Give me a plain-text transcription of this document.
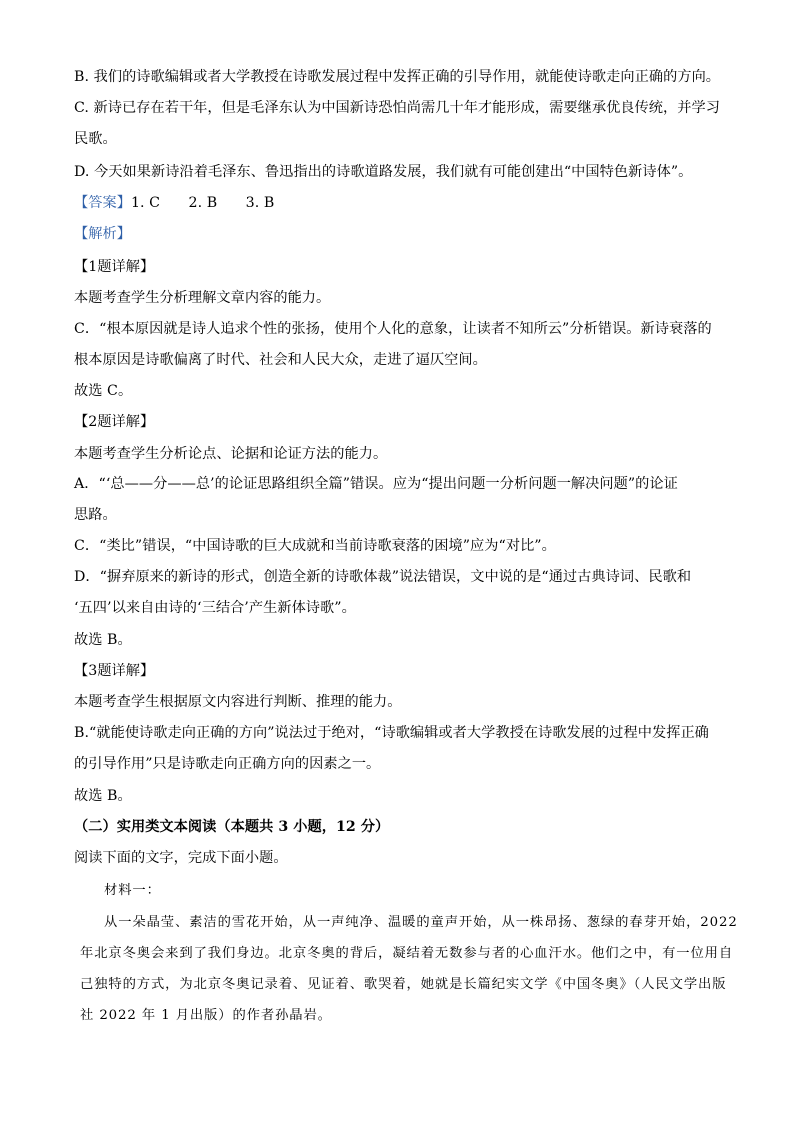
B. 我们的诗歌编辑或者大学教授在诗歌发展过程中发挥正确的引导作用，就能使诗歌走向正确的方向。
C. 新诗已存在若干年，但是毛泽东认为中国新诗恐怕尚需几十年才能形成，需要继承优良传统，并学习
民歌。
D. 今天如果新诗沿着毛泽东、鲁迅指出的诗歌道路发展，我们就有可能创建出“中国特色新诗体”。
【答案】1. C　　2. B　　3. B
【解析】
【1题详解】
本题考查学生分析理解文章内容的能力。
C．“根本原因就是诗人追求个性的张扬，使用个人化的意象，让读者不知所云”分析错误。新诗衰落的
根本原因是诗歌偏离了时代、社会和人民大众，走进了逼仄空间。
故选 C。
【2题详解】
本题考查学生分析论点、论据和论证方法的能力。
A．“‘总——分——总’的论证思路组织全篇”错误。应为“提出问题一分析问题一解决问题”的论证
思路。
C．“类比”错误，“中国诗歌的巨大成就和当前诗歌衰落的困境”应为“对比”。
D．“摒弃原来的新诗的形式，创造全新的诗歌体裁”说法错误，文中说的是“通过古典诗词、民歌和
‘五四’以来自由诗的‘三结合’产生新体诗歌”。
故选 B。
【3题详解】
本题考查学生根据原文内容进行判断、推理的能力。
B.“就能使诗歌走向正确的方向”说法过于绝对，“诗歌编辑或者大学教授在诗歌发展的过程中发挥正确
的引导作用”只是诗歌走向正确方向的因素之一。
故选 B。
（二）实用类文本阅读（本题共 3 小题，12 分）
阅读下面的文字，完成下面小题。
材料一：
从一朵晶莹、素洁的雪花开始，从一声纯净、温暖的童声开始，从一株昂扬、葱绿的春芽开始，2022
年北京冬奥会来到了我们身边。北京冬奥的背后，凝结着无数参与者的心血汗水。他们之中，有一位用自
己独特的方式，为北京冬奥记录着、见证着、歌哭着，她就是长篇纪实文学《中国冬奥》（人民文学出版
社 2022 年 1 月出版）的作者孙晶岩。
